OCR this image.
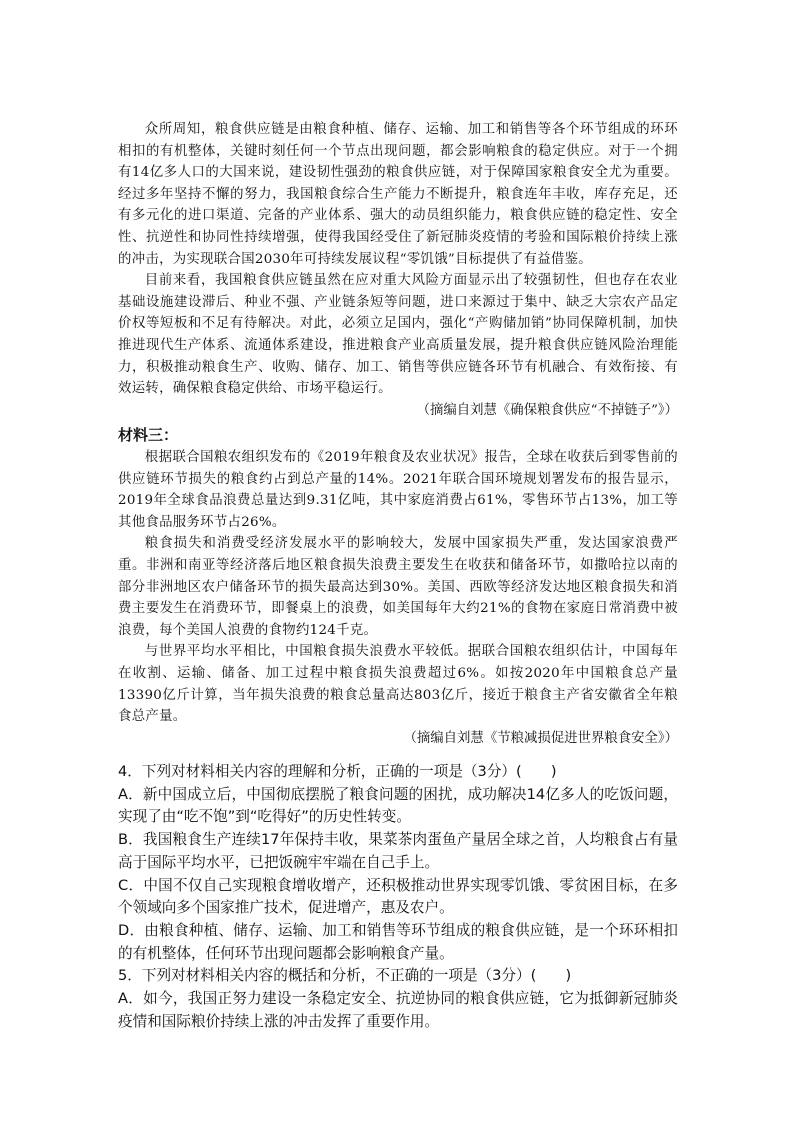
众所周知，粮食供应链是由粮食种植、储存、运输、加工和销售等各个环节组成的环环相扣的有机整体，关键时刻任何一个节点出现问题，都会影响粮食的稳定供应。对于一个拥有14亿多人口的大国来说，建设韧性强劲的粮食供应链，对于保障国家粮食安全尤为重要。经过多年坚持不懈的努力，我国粮食综合生产能力不断提升，粮食连年丰收，库存充足，还有多元化的进口渠道、完备的产业体系、强大的动员组织能力，粮食供应链的稳定性、安全性、抗逆性和协同性持续增强，使得我国经受住了新冠肺炎疫情的考验和国际粮价持续上涨的冲击，为实现联合国2030年可持续发展议程“零饥饿”目标提供了有益借鉴。

目前来看，我国粮食供应链虽然在应对重大风险方面显示出了较强韧性，但也存在农业基础设施建设滞后、种业不强、产业链条短等问题，进口来源过于集中、缺乏大宗农产品定价权等短板和不足有待解决。对此，必须立足国内，强化“产购储加销”协同保障机制，加快推进现代生产体系、流通体系建设，推进粮食产业高质量发展，提升粮食供应链风险治理能力，积极推动粮食生产、收购、储存、加工、销售等供应链各环节有机融合、有效衔接、有效运转，确保粮食稳定供给、市场平稳运行。

（摘编自刘慧《确保粮食供应“不掉链子”》）

材料三：

根据联合国粮农组织发布的《2019年粮食及农业状况》报告，全球在收获后到零售前的供应链环节损失的粮食约占到总产量的14%。2021年联合国环境规划署发布的报告显示，2019年全球食品浪费总量达到9.31亿吨，其中家庭消费占61%，零售环节占13%，加工等其他食品服务环节占26%。

粮食损失和消费受经济发展水平的影响较大，发展中国家损失严重，发达国家浪费严重。非洲和南亚等经济落后地区粮食损失浪费主要发生在收获和储备环节，如撒哈拉以南的部分非洲地区农户储备环节的损失最高达到30%。美国、西欧等经济发达地区粮食损失和消费主要发生在消费环节，即餐桌上的浪费，如美国每年大约21%的食物在家庭日常消费中被浪费，每个美国人浪费的食物约124千克。

与世界平均水平相比，中国粮食损失浪费水平较低。据联合国粮农组织估计，中国每年在收割、运输、储备、加工过程中粮食损失浪费超过6%。如按2020年中国粮食总产量13390亿斤计算，当年损失浪费的粮食总量高达803亿斤，接近于粮食主产省安徽省全年粮食总产量。

（摘编自刘慧《节粮减损促进世界粮食安全》）

4．下列对材料相关内容的理解和分析，正确的一项是（3分）(　　)

A．新中国成立后，中国彻底摆脱了粮食问题的困扰，成功解决14亿多人的吃饭问题，实现了由“吃不饱”到“吃得好”的历史性转变。

B．我国粮食生产连续17年保持丰收，果菜茶肉蛋鱼产量居全球之首，人均粮食占有量高于国际平均水平，已把饭碗牢牢端在自己手上。

C．中国不仅自己实现粮食增收增产，还积极推动世界实现零饥饿、零贫困目标，在多个领域向多个国家推广技术，促进增产，惠及农户。

D．由粮食种植、储存、运输、加工和销售等环节组成的粮食供应链，是一个环环相扣的有机整体，任何环节出现问题都会影响粮食产量。

5．下列对材料相关内容的概括和分析，不正确的一项是（3分）(　　)

A．如今，我国正努力建设一条稳定安全、抗逆协同的粮食供应链，它为抵御新冠肺炎疫情和国际粮价持续上涨的冲击发挥了重要作用。
